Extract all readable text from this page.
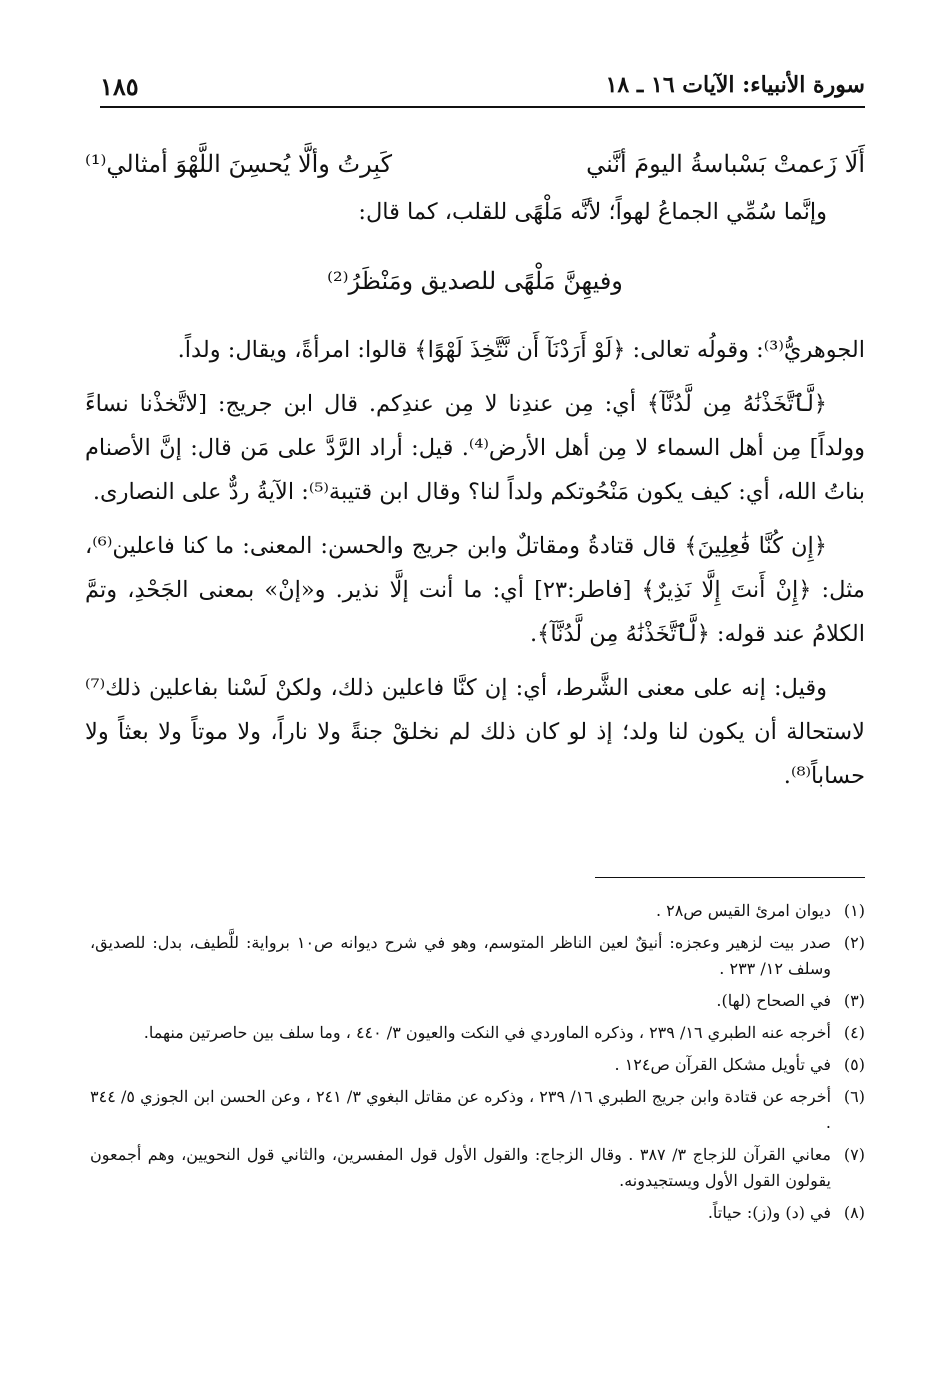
سورة الأنبياء: الآيات ١٦ ـ ١٨
١٨٥
أَلَا زَعمتْ بَسْباسةُ اليومَ أنَّني
كَبِرتُ وألَّا يُحسِنَ اللَّهْوَ أمثالي⁽¹⁾

وإنَّما سُمِّي الجماعُ لهواً؛ لأنَّه مَلْهًى للقلب، كما قال:

وفيهِنَّ مَلْهًى للصديق ومَنْظَرُ⁽²⁾

الجوهريُّ⁽³⁾: وقولُه تعالى: ﴿لَوْ أَرَدْنَآ أَن نَّتَّخِذَ لَهْوًا﴾ قالوا: امرأةً، ويقال: ولداً.

﴿لَّٱتَّخَذْنَٰهُ مِن لَّدُنَّآ﴾ أي: مِن عندِنا لا مِن عندِكم. قال ابن جريج: [لاتَّخذْنا نساءً وولداً] مِن أهل السماء لا مِن أهل الأرض⁽⁴⁾. قيل: أراد الرَّدَّ على مَن قال: إنَّ الأصنام بناتُ الله، أي: كيف يكون مَنْحُوتكم ولداً لنا؟ وقال ابن قتيبة⁽⁵⁾: الآيةُ ردٌّ على النصارى.

﴿إِن كُنَّا فَٰعِلِينَ﴾ قال قتادةُ ومقاتلٌ وابن جريج والحسن: المعنى: ما كنا فاعلين⁽⁶⁾، مثل: ﴿إِنْ أَنتَ إِلَّا نَذِيرٌ﴾ [فاطر:٢٣] أي: ما أنت إلَّا نذير. و«إنْ» بمعنى الجَحْدِ، وتمَّ الكلامُ عند قوله: ﴿لَّٱتَّخَذْنَٰهُ مِن لَّدُنَّآ﴾.

وقيل: إنه على معنى الشَّرط، أي: إن كنَّا فاعلين ذلك، ولكنْ لَسْنا بفاعلين ذلك⁽⁷⁾ لاستحالة أن يكون لنا ولد؛ إذ لو كان ذلك لم نخلقْ جنةً ولا ناراً، ولا موتاً ولا بعثاً ولا حساباً⁽⁸⁾.

(١)
ديوان امرئ القيس ص٢٨ .

(٢)
صدر بيت لزهير وعجزه: أنيقٌ لعين الناظر المتوسم، وهو في شرح ديوانه ص١٠ برواية: للَّطيف، بدل: للصديق، وسلف ١٢/ ٢٣٣ .

(٣)
في الصحاح (لها).

(٤)
أخرجه عنه الطبري ١٦/ ٢٣٩ ، وذكره الماوردي في النكت والعيون ٣/ ٤٤٠ ، وما سلف بين حاصرتين منهما.

(٥)
في تأويل مشكل القرآن ص١٢٤ .

(٦)
أخرجه عن قتادة وابن جريج الطبري ١٦/ ٢٣٩ ، وذكره عن مقاتل البغوي ٣/ ٢٤١ ، وعن الحسن ابن الجوزي ٥/ ٣٤٤ .

(٧)
معاني القرآن للزجاج ٣/ ٣٨٧ . وقال الزجاج: والقول الأول قول المفسرين، والثاني قول النحويين، وهم أجمعون يقولون القول الأول ويستجيدونه.

(٨)
في (د) و(ز): حياتاً.
